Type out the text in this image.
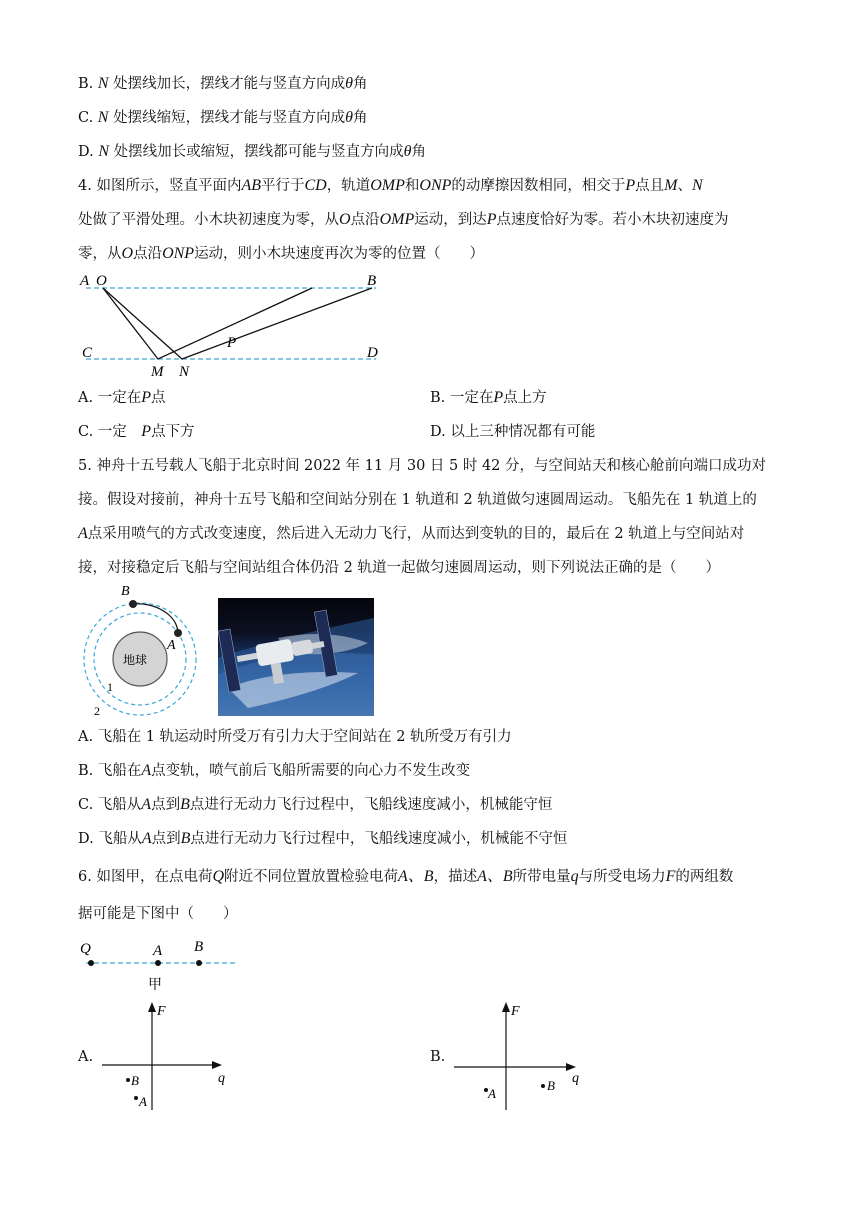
B. N 处摆线加长，摆线才能与竖直方向成θ角
C. N 处摆线缩短，摆线才能与竖直方向成θ角
D. N 处摆线加长或缩短，摆线都可能与竖直方向成θ角
4. 如图所示，竖直平面内AB平行于CD，轨道OMP和ONP的动摩擦因数相同，相交于P点且M、N
处做了平滑处理。小木块初速度为零，从O点沿OMP运动，到达P点速度恰好为零。若小木块初速度为
零，从O点沿ONP运动，则小木块速度再次为零的位置（　　）
A O	B
C	D
P
M N
A. 一定在P点	B. 一定在P点上方
C. 一定　P点下方	D. 以上三种情况都有可能
5. 神舟十五号载人飞船于北京时间 2022 年 11 月 30 日 5 时 42 分，与空间站天和核心舱前向端口成功对
接。假设对接前，神舟十五号飞船和空间站分别在 1 轨道和 2 轨道做匀速圆周运动。飞船先在 1 轨道上的
A点采用喷气的方式改变速度，然后进入无动力飞行，从而达到变轨的目的，最后在 2 轨道上与空间站对
接，对接稳定后飞船与空间站组合体仍沿 2 轨道一起做匀速圆周运动，则下列说法正确的是（　　）
地球
B
A
1
2
A. 飞船在 1 轨运动时所受万有引力大于空间站在 2 轨所受万有引力
B. 飞船在A点变轨，喷气前后飞船所需要的向心力不发生改变
C. 飞船从A点到B点进行无动力飞行过程中，飞船线速度减小，机械能守恒
D. 飞船从A点到B点进行无动力飞行过程中，飞船线速度减小，机械能不守恒
6. 如图甲，在点电荷Q附近不同位置放置检验电荷A、B，描述A、B所带电量q与所受电场力F的两组数
据可能是下图中（　　）
Q	A B
甲
A.
F
q
B
A
B.
F
q
A
B
